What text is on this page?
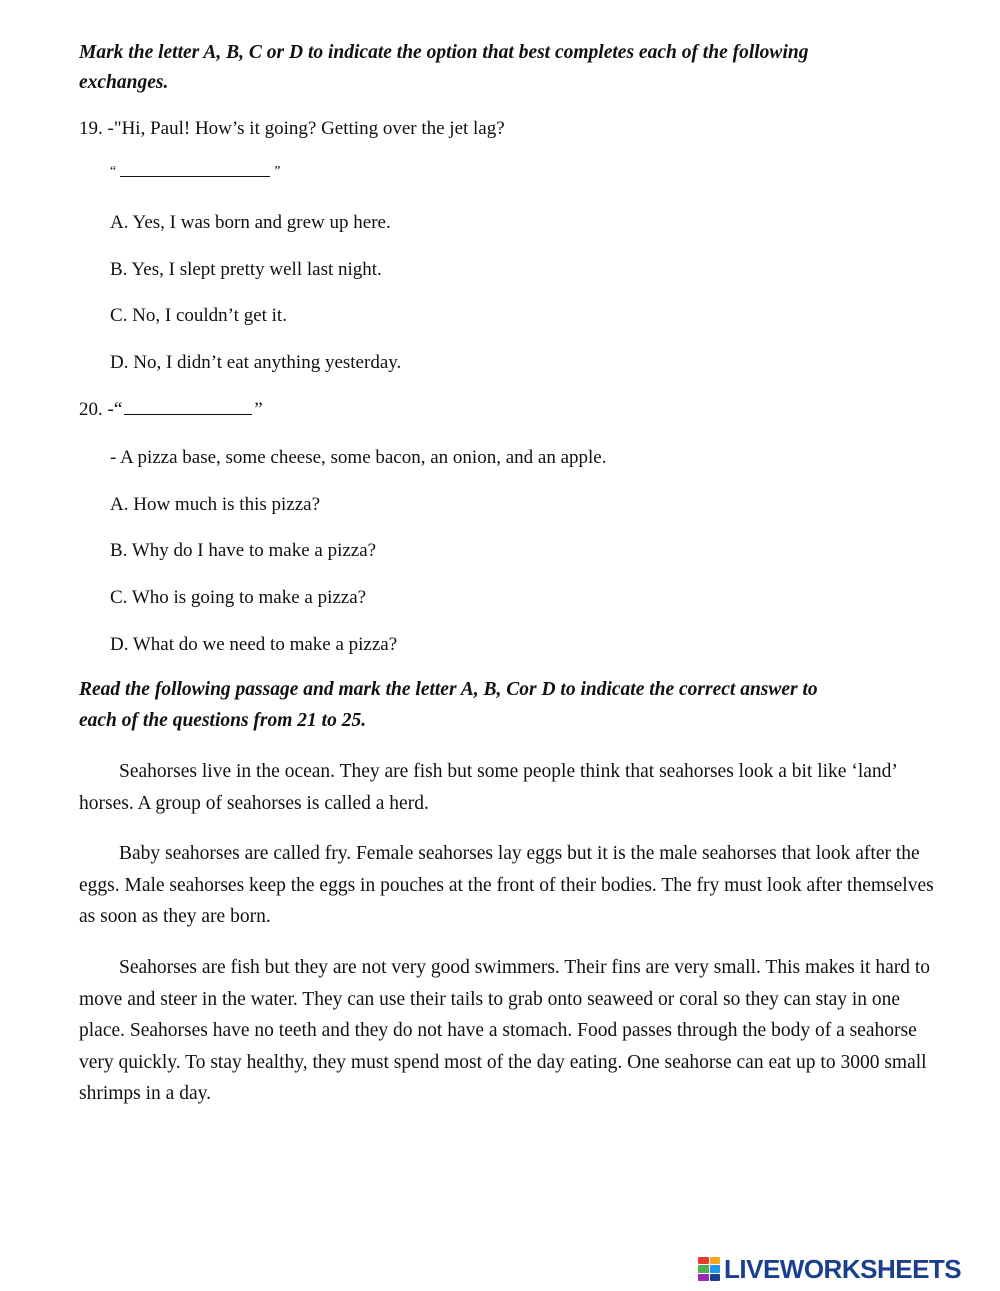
Mark the letter A, B, C or D to indicate the option that best completes each of the following
exchanges.
19. -"Hi, Paul! How’s it going? Getting over the jet lag?
“	”
A. Yes, I was born and grew up here.
B. Yes, I slept pretty well last night.
C. No, I couldn’t get it.
D. No, I didn’t eat anything yesterday.
20. -“	”
- A pizza base, some cheese, some bacon, an onion, and an apple.
A. How much is this pizza?
B. Why do I have to make a pizza?
C. Who is going to make a pizza?
D. What do we need to make a pizza?
Read the following passage and mark the letter A, B, Cor D to indicate the correct answer to
each of the questions from 21 to 25.

Seahorses live in the ocean. They are fish but some people think that seahorses look a bit like ‘land’ horses. A group of seahorses is called a herd.

Baby seahorses are called fry. Female seahorses lay eggs but it is the male seahorses that look after the eggs. Male seahorses keep the eggs in pouches at the front of their bodies. The fry must look after themselves as soon as they are born.

Seahorses are fish but they are not very good swimmers. Their fins are very small. This makes it hard to move and steer in the water. They can use their tails to grab onto seaweed or coral so they can stay in one place. Seahorses have no teeth and they do not have a stomach. Food passes through the body of a seahorse very quickly. To stay healthy, they must spend most of the day eating. One seahorse can eat up to 3000 small shrimps in a day.

LIVEWORKSHEETS
